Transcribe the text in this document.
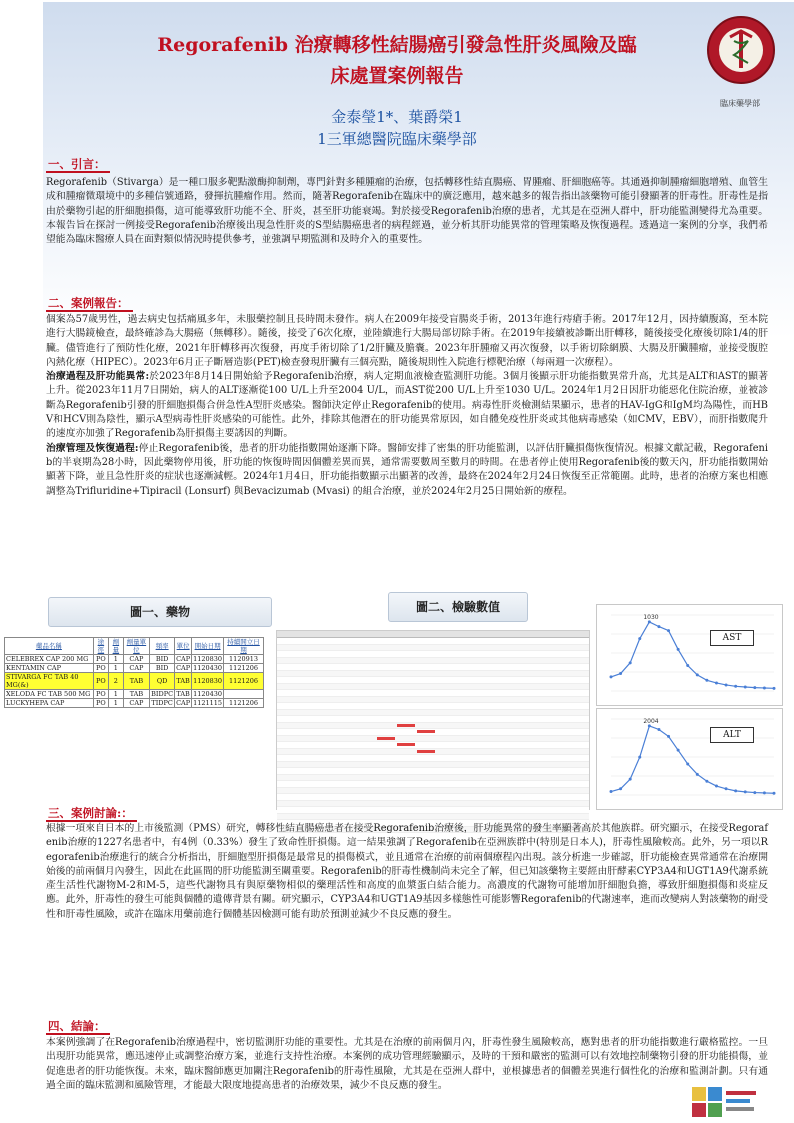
臨床藥學部
Regorafenib 治療轉移性結腸癌引發急性肝炎風險及臨
床處置案例報告
金泰瑩1*、葉爵榮1
1三軍總醫院臨床藥學部
一、引言：
Regorafenib（Stivarga）是一種口服多靶點激酶抑制劑，專門針對多種腫瘤的治療，包括轉移性結直腸癌、胃腫瘤、肝細胞癌等。其通過抑制腫瘤細胞增殖、血管生成和腫瘤微環境中的多種信號通路，發揮抗腫瘤作用。然而，隨著Regorafenib在臨床中的廣泛應用，越來越多的報告指出該藥物可能引發顯著的肝毒性。肝毒性是指由於藥物引起的肝細胞損傷，這可能導致肝功能不全、肝炎，甚至肝功能衰竭。對於接受Regorafenib治療的患者，尤其是在亞洲人群中，肝功能監測變得尤為重要。本報告旨在探討一例接受Regorafenib治療後出現急性肝炎的S型結腸癌患者的病程經過，並分析其肝功能異常的管理策略及恢復過程。透過這一案例的分享，我們希望能為臨床醫療人員在面對類似情況時提供參考，並強調早期監測和及時介入的重要性。
二、案例報告：
個案為57歲男性，過去病史包括痛風多年，未服藥控制且長時間未發作。病人在2009年接受盲腸炎手術，2013年進行痔瘡手術。2017年12月，因持續腹瀉，至本院進行大腸鏡檢查，最終確診為大腸癌（無轉移）。隨後，接受了6次化療，並陸續進行大腸局部切除手術。在2019年接續被診斷出肝轉移，隨後接受化療後切除1/4的肝臟。儘管進行了預防性化療，2021年肝轉移再次復發，再度手術切除了1/2肝臟及膽囊。2023年肝腫瘤又再次復發，以手術切除網膜、大腸及肝臟腫瘤，並接受腹腔內熱化療（HIPEC）。2023年6月正子斷層造影(PET)檢查發現肝臟有三個亮點，隨後規則性入院進行標靶治療（每兩週一次療程）。
治療過程及肝功能異常:於2023年8月14日開始給予Regorafenib治療，病人定期血液檢查監測肝功能。3個月後顯示肝功能指數異常升高，尤其是ALT和AST的顯著上升。從2023年11月7日開始，病人的ALT逐漸從100 U/L上升至2004 U/L，而AST從200 U/L上升至1030 U/L。2024年1月2日因肝功能惡化住院治療，並被診斷為Regorafenib引發的肝細胞損傷合併急性A型肝炎感染。醫師決定停止Regorafenib的使用。病毒性肝炎檢測結果顯示，患者的HAV-IgG和IgM均為陽性，而HBV和HCV則為陰性，顯示A型病毒性肝炎感染的可能性。此外，排除其他潛在的肝功能異常原因，如自體免疫性肝炎或其他病毒感染（如CMV，EBV），而肝指數爬升的速度亦加強了Regorafenib為肝損傷主要誘因的判斷。
治療管理及恢復過程:停止Regorafenib後，患者的肝功能指數開始逐漸下降。醫師安排了密集的肝功能監測，以評估肝臟損傷恢復情況。根據文獻記載，Regorafenib的半衰期為28小時，因此藥物停用後，肝功能的恢復時間因個體差異而異，通常需要數周至數月的時間。在患者停止使用Regorafenib後的數天內，肝功能指數開始顯著下降，並且急性肝炎的症狀也逐漸減輕。2024年1月4日，肝功能指數顯示出顯著的改善，最終在2024年2月24日恢復至正常範圍。此時，患者的治療方案也相應調整為Trifluridine+Tipiracil (Lonsurf) 與Bevacizumab (Mvasi) 的組合治療，並於2024年2月25日開始新的療程。
圖一、藥物	圖二、檢驗數值
藥品名稱	途徑	劑量	劑量單位	頻率	單位	開始日期	持續開立日期
CELEBREX CAP 200 MG	PO	1	CAP	BID	CAP	1120830	1120913
KENTAMIN CAP	PO	1	CAP	BID	CAP	1120430	1121206
STIVARGA FC TAB 40 MG(&)	PO	2	TAB	QD	TAB	1120830	1121206
XELODA FC TAB 500 MG	PO	1	TAB	BIDPC	TAB	1120430	
LUCKYHEPA CAP	PO	1	CAP	TIDPC	CAP	1121115	1121206
1030
AST
2004
ALT
三、案例討論:：
根據一項來自日本的上市後監測（PMS）研究，轉移性結直腸癌患者在接受Regorafenib治療後，肝功能異常的發生率顯著高於其他族群。研究顯示，在接受Regorafenib治療的1227名患者中，有4例（0.33%）發生了致命性肝損傷。這一結果強調了Regorafenib在亞洲族群中(特別是日本人)，肝毒性風險較高。此外，另一項以Regorafenib治療進行的統合分析指出，肝細胞型肝損傷是最常見的損傷模式，並且通常在治療的前兩個療程內出現。該分析進一步確認，肝功能檢查異常通常在治療開始後的前兩個月內發生，因此在此區間的肝功能監測至關重要。Regorafenib的肝毒性機制尚未完全了解，但已知該藥物主要經由肝酵素CYP3A4和UGT1A9代謝系統產生活性代謝物M-2和M-5，這些代謝物具有與原藥物相似的藥理活性和高度的血漿蛋白結合能力。高濃度的代謝物可能增加肝細胞負擔，導致肝細胞損傷和炎症反應。此外，肝毒性的發生可能與個體的遺傳背景有關。研究顯示，CYP3A4和UGT1A9基因多樣態性可能影響Regorafenib的代謝速率，進而改變病人對該藥物的耐受性和肝毒性風險，或許在臨床用藥前進行個體基因檢測可能有助於預測並減少不良反應的發生。
四、結論：
本案例強調了在Regorafenib治療過程中，密切監測肝功能的重要性。尤其是在治療的前兩個月內，肝毒性發生風險較高，應對患者的肝功能指數進行嚴格監控。一旦出現肝功能異常，應迅速停止或調整治療方案，並進行支持性治療。本案例的成功管理經驗顯示，及時的干預和嚴密的監測可以有效地控制藥物引發的肝功能損傷，並促進患者的肝功能恢復。未來，臨床醫師應更加關注Regorafenib的肝毒性風險，尤其是在亞洲人群中，並根據患者的個體差異進行個性化的治療和監測計劃。只有通過全面的臨床監測和風險管理，才能最大限度地提高患者的治療效果，減少不良反應的發生。
